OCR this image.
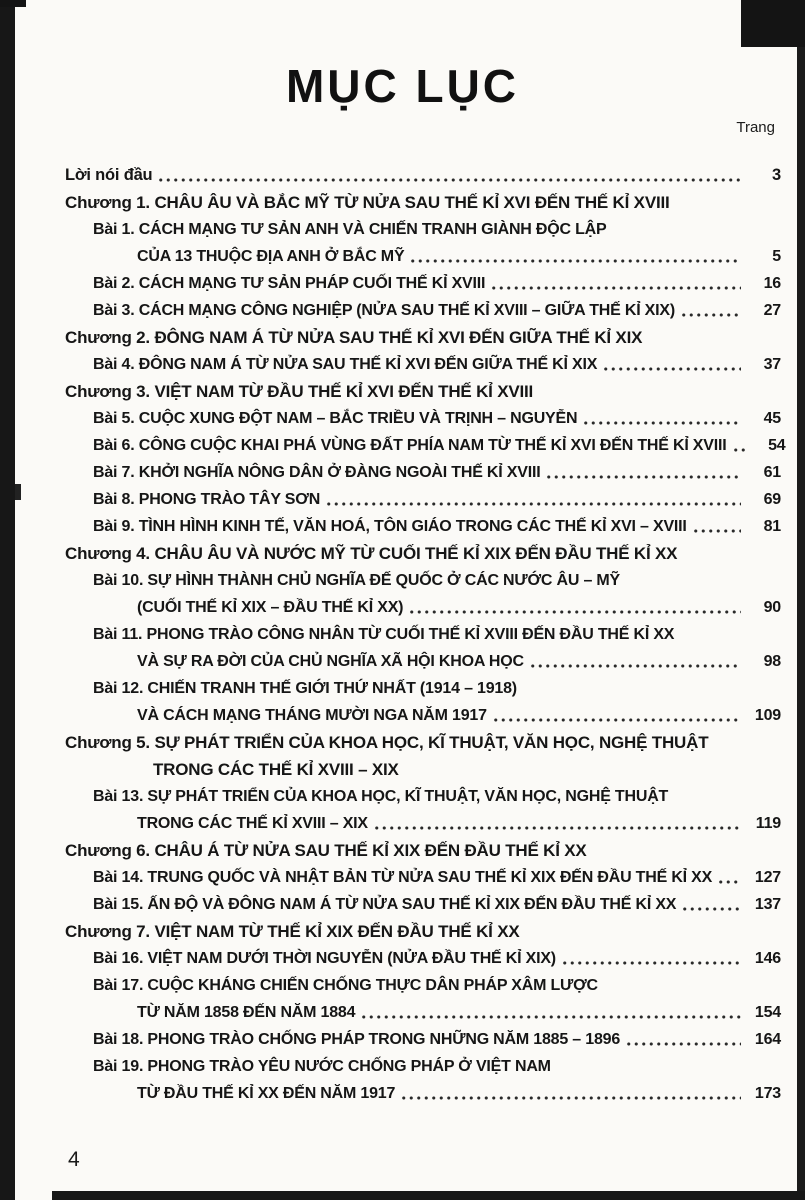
MỤC LỤC
Trang
Lời nói đầu	3
Chương 1. CHÂU ÂU VÀ BẮC MỸ TỪ NỬA SAU THẾ KỈ XVI ĐẾN THẾ KỈ XVIII
Bài 1. CÁCH MẠNG TƯ SẢN ANH VÀ CHIẾN TRANH GIÀNH ĐỘC LẬP
CỦA 13 THUỘC ĐỊA ANH Ở BẮC MỸ	5
Bài 2. CÁCH MẠNG TƯ SẢN PHÁP CUỐI THẾ KỈ XVIII	16
Bài 3. CÁCH MẠNG CÔNG NGHIỆP (NỬA SAU THẾ KỈ XVIII – GIỮA THẾ KỈ XIX)	27
Chương 2. ĐÔNG NAM Á TỪ NỬA SAU THẾ KỈ XVI ĐẾN GIỮA THẾ KỈ XIX
Bài 4. ĐÔNG NAM Á TỪ NỬA SAU THẾ KỈ XVI ĐẾN GIỮA THẾ KỈ XIX	37
Chương 3. VIỆT NAM TỪ ĐẦU THẾ KỈ XVI ĐẾN THẾ KỈ XVIII
Bài 5. CUỘC XUNG ĐỘT NAM – BẮC TRIỀU VÀ TRỊNH – NGUYỄN	45
Bài 6. CÔNG CUỘC KHAI PHÁ VÙNG ĐẤT PHÍA NAM TỪ THẾ KỈ XVI ĐẾN THẾ KỈ XVIII	54
Bài 7. KHỞI NGHĨA NÔNG DÂN Ở ĐÀNG NGOÀI THẾ KỈ XVIII	61
Bài 8. PHONG TRÀO TÂY SƠN	69
Bài 9. TÌNH HÌNH KINH TẾ, VĂN HOÁ, TÔN GIÁO TRONG CÁC THẾ KỈ XVI – XVIII	81
Chương 4. CHÂU ÂU VÀ NƯỚC MỸ TỪ CUỐI THẾ KỈ XIX ĐẾN ĐẦU THẾ KỈ XX
Bài 10. SỰ HÌNH THÀNH CHỦ NGHĨA ĐẾ QUỐC Ở CÁC NƯỚC ÂU – MỸ
(CUỐI THẾ KỈ XIX – ĐẦU THẾ KỈ XX)	90
Bài 11. PHONG TRÀO CÔNG NHÂN TỪ CUỐI THẾ KỈ XVIII ĐẾN ĐẦU THẾ KỈ XX
VÀ SỰ RA ĐỜI CỦA CHỦ NGHĨA XÃ HỘI KHOA HỌC	98
Bài 12. CHIẾN TRANH THẾ GIỚI THỨ NHẤT (1914 – 1918)
VÀ CÁCH MẠNG THÁNG MƯỜI NGA NĂM 1917	109
Chương 5. SỰ PHÁT TRIỂN CỦA KHOA HỌC, KĨ THUẬT, VĂN HỌC, NGHỆ THUẬT
TRONG CÁC THẾ KỈ XVIII – XIX
Bài 13. SỰ PHÁT TRIỂN CỦA KHOA HỌC, KĨ THUẬT, VĂN HỌC, NGHỆ THUẬT
TRONG CÁC THẾ KỈ XVIII – XIX	119
Chương 6. CHÂU Á TỪ NỬA SAU THẾ KỈ XIX ĐẾN ĐẦU THẾ KỈ XX
Bài 14. TRUNG QUỐC VÀ NHẬT BẢN TỪ NỬA SAU THẾ KỈ XIX ĐẾN ĐẦU THẾ KỈ XX	127
Bài 15. ẤN ĐỘ VÀ ĐÔNG NAM Á TỪ NỬA SAU THẾ KỈ XIX ĐẾN ĐẦU THẾ KỈ XX	137
Chương 7. VIỆT NAM TỪ THẾ KỈ XIX ĐẾN ĐẦU THẾ KỈ XX
Bài 16. VIỆT NAM DƯỚI THỜI NGUYỄN (NỬA ĐẦU THẾ KỈ XIX)	146
Bài 17. CUỘC KHÁNG CHIẾN CHỐNG THỰC DÂN PHÁP XÂM LƯỢC
TỪ NĂM 1858 ĐẾN NĂM 1884	154
Bài 18. PHONG TRÀO CHỐNG PHÁP TRONG NHỮNG NĂM 1885 – 1896	164
Bài 19. PHONG TRÀO YÊU NƯỚC CHỐNG PHÁP Ở VIỆT NAM
TỪ ĐẦU THẾ KỈ XX ĐẾN NĂM 1917	173
4
